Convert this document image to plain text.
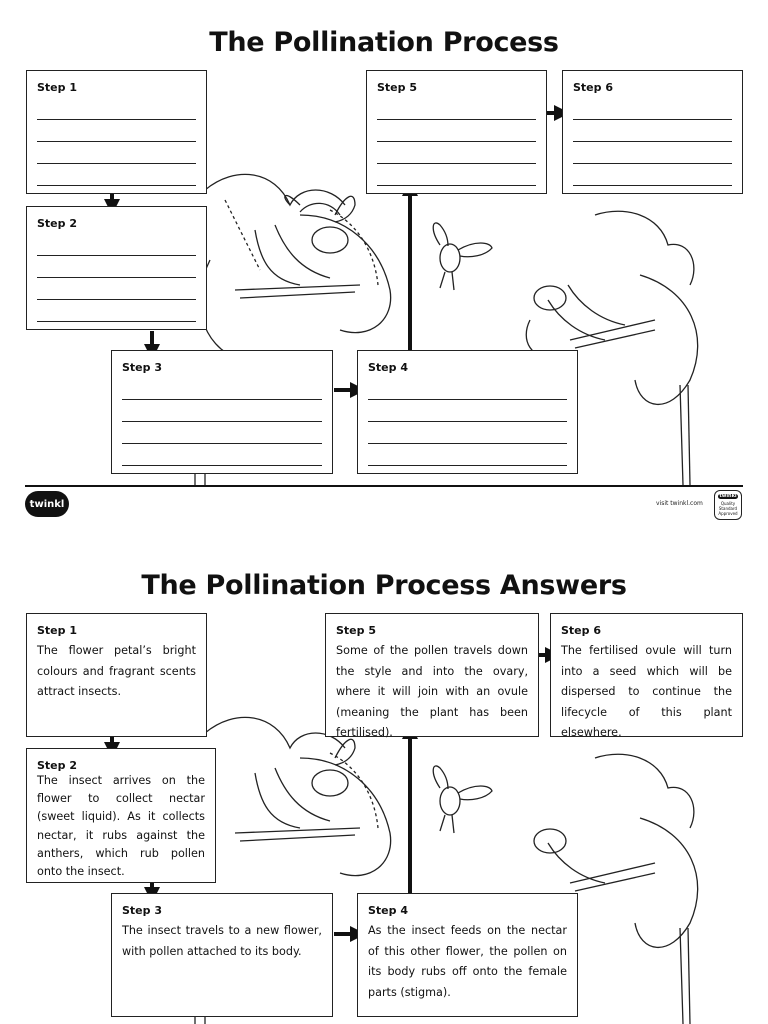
The Pollination Process
Step 1
Step 2
Step 3	Step 4
Step 5	Step 6
twinkl	visit twinkl.com
twinkl
Quality Standard Approved
The Pollination Process Answers
Step 1

The flower petal’s bright colours and fragrant scents attract insects.

Step 2

The insect arrives on the flower to collect nectar (sweet liquid). As it collects nectar, it rubs against the anthers, which rub pollen onto the insect.

Step 3

The insect travels to a new flower, with pollen attached to its body.

Step 4

As the insect feeds on the nectar of this other flower, the pollen on its body rubs off onto the female parts (stigma).

Step 5

Some of the pollen travels down the style and into the ovary, where it will join with an ovule (meaning the plant has been fertilised).

Step 6

The fertilised ovule will turn into a seed which will be dispersed to continue the lifecycle of this plant elsewhere.
